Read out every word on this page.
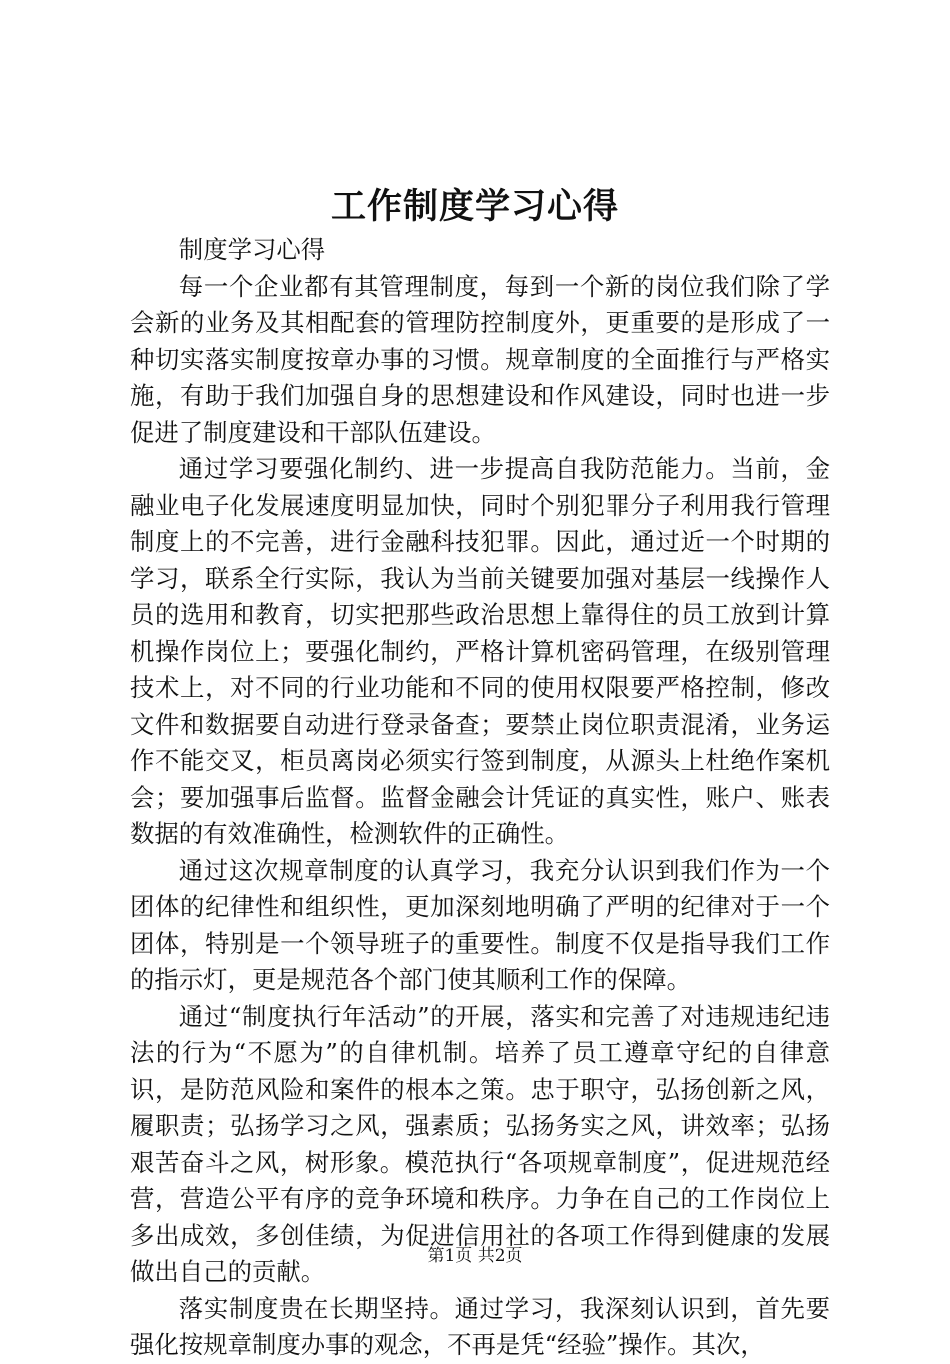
工作制度学习心得

制度学习心得

每一个企业都有其管理制度，每到一个新的岗位我们除了学会新的业务及其相配套的管理防控制度外，更重要的是形成了一种切实落实制度按章办事的习惯。规章制度的全面推行与严格实施，有助于我们加强自身的思想建设和作风建设，同时也进一步促进了制度建设和干部队伍建设。

通过学习要强化制约、进一步提高自我防范能力。当前，金融业电子化发展速度明显加快，同时个别犯罪分子利用我行管理制度上的不完善，进行金融科技犯罪。因此，通过近一个时期的学习，联系全行实际，我认为当前关键要加强对基层一线操作人员的选用和教育，切实把那些政治思想上靠得住的员工放到计算机操作岗位上；要强化制约，严格计算机密码管理，在级别管理技术上，对不同的行业功能和不同的使用权限要严格控制，修改文件和数据要自动进行登录备查；要禁止岗位职责混淆，业务运作不能交叉，柜员离岗必须实行签到制度，从源头上杜绝作案机会；要加强事后监督。监督金融会计凭证的真实性，账户、账表数据的有效准确性，检测软件的正确性。

通过这次规章制度的认真学习，我充分认识到我们作为一个团体的纪律性和组织性，更加深刻地明确了严明的纪律对于一个团体，特别是一个领导班子的重要性。制度不仅是指导我们工作的指示灯，更是规范各个部门使其顺利工作的保障。

通过“制度执行年活动”的开展，落实和完善了对违规违纪违法的行为“不愿为”的自律机制。培养了员工遵章守纪的自律意识，是防范风险和案件的根本之策。忠于职守，弘扬创新之风，履职责；弘扬学习之风，强素质；弘扬务实之风，讲效率；弘扬艰苦奋斗之风，树形象。模范执行“各项规章制度”，促进规范经营，营造公平有序的竞争环境和秩序。力争在自己的工作岗位上多出成效，多创佳绩，为促进信用社的各项工作得到健康的发展做出自己的贡献。

落实制度贵在长期坚持。通过学习，我深刻认识到，首先要强化按规章制度办事的观念，不再是凭“经验”操作。其次，

第1页 共2页
